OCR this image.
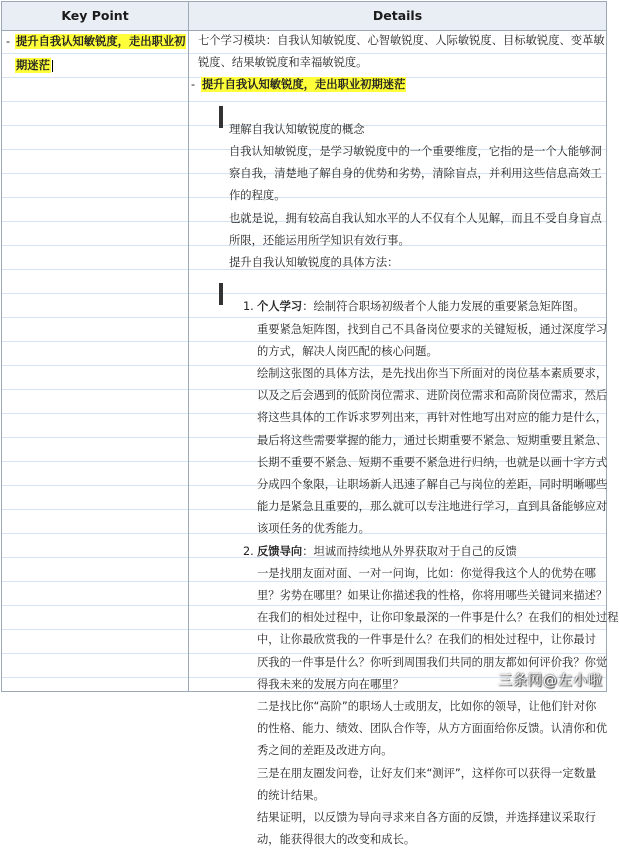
Key Point	Details
- 提升自我认知敏锐度，走出职业初
期迷茫
七个学习模块：自我认知敏锐度、心智敏锐度、人际敏锐度、目标敏锐度、变革敏
锐度、结果敏锐度和幸福敏锐度。
- 提升自我认知敏锐度，走出职业初期迷茫
理解自我认知敏锐度的概念
自我认知敏锐度，是学习敏锐度中的一个重要维度，它指的是一个人能够洞
察自我，清楚地了解自身的优势和劣势，清除盲点，并利用这些信息高效工
作的程度。
也就是说，拥有较高自我认知水平的人不仅有个人见解，而且不受自身盲点
所限，还能运用所学知识有效行事。
提升自我认知敏锐度的具体方法：
1. 个人学习：绘制符合职场初级者个人能力发展的重要紧急矩阵图。
重要紧急矩阵图，找到自己不具备岗位要求的关键短板，通过深度学习
的方式，解决人岗匹配的核心问题。
绘制这张图的具体方法，是先找出你当下所面对的岗位基本素质要求，
以及之后会遇到的低阶岗位需求、进阶岗位需求和高阶岗位需求，然后
将这些具体的工作诉求罗列出来，再针对性地写出对应的能力是什么，
最后将这些需要掌握的能力，通过长期重要不紧急、短期重要且紧急、
长期不重要不紧急、短期不重要不紧急进行归纳，也就是以画十字方式
分成四个象限，让职场新人迅速了解自己与岗位的差距，同时明晰哪些
能力是紧急且重要的，那么就可以专注地进行学习，直到具备能够应对
该项任务的优秀能力。
2. 反馈导向：坦诚而持续地从外界获取对于自己的反馈
一是找朋友面对面、一对一问询，比如：你觉得我这个人的优势在哪
里？劣势在哪里？如果让你描述我的性格，你将用哪些关键词来描述？
在我们的相处过程中，让你印象最深的一件事是什么？在我们的相处过程
中，让你最欣赏我的一件事是什么？在我们的相处过程中，让你最讨
厌我的一件事是什么？你听到周围我们共同的朋友都如何评价我？你觉
得我未来的发展方向在哪里？
二是找比你“高阶”的职场人士或朋友，比如你的领导，让他们针对你
的性格、能力、绩效、团队合作等，从方方面面给你反馈。认清你和优
秀之间的差距及改进方向。
三是在朋友圈发问卷，让好友们来“测评”，这样你可以获得一定数量
的统计结果。
结果证明，以反馈为导向寻求来自各方面的反馈，并选择建议采取行
动，能获得很大的改变和成长。
三条网@左小啦
